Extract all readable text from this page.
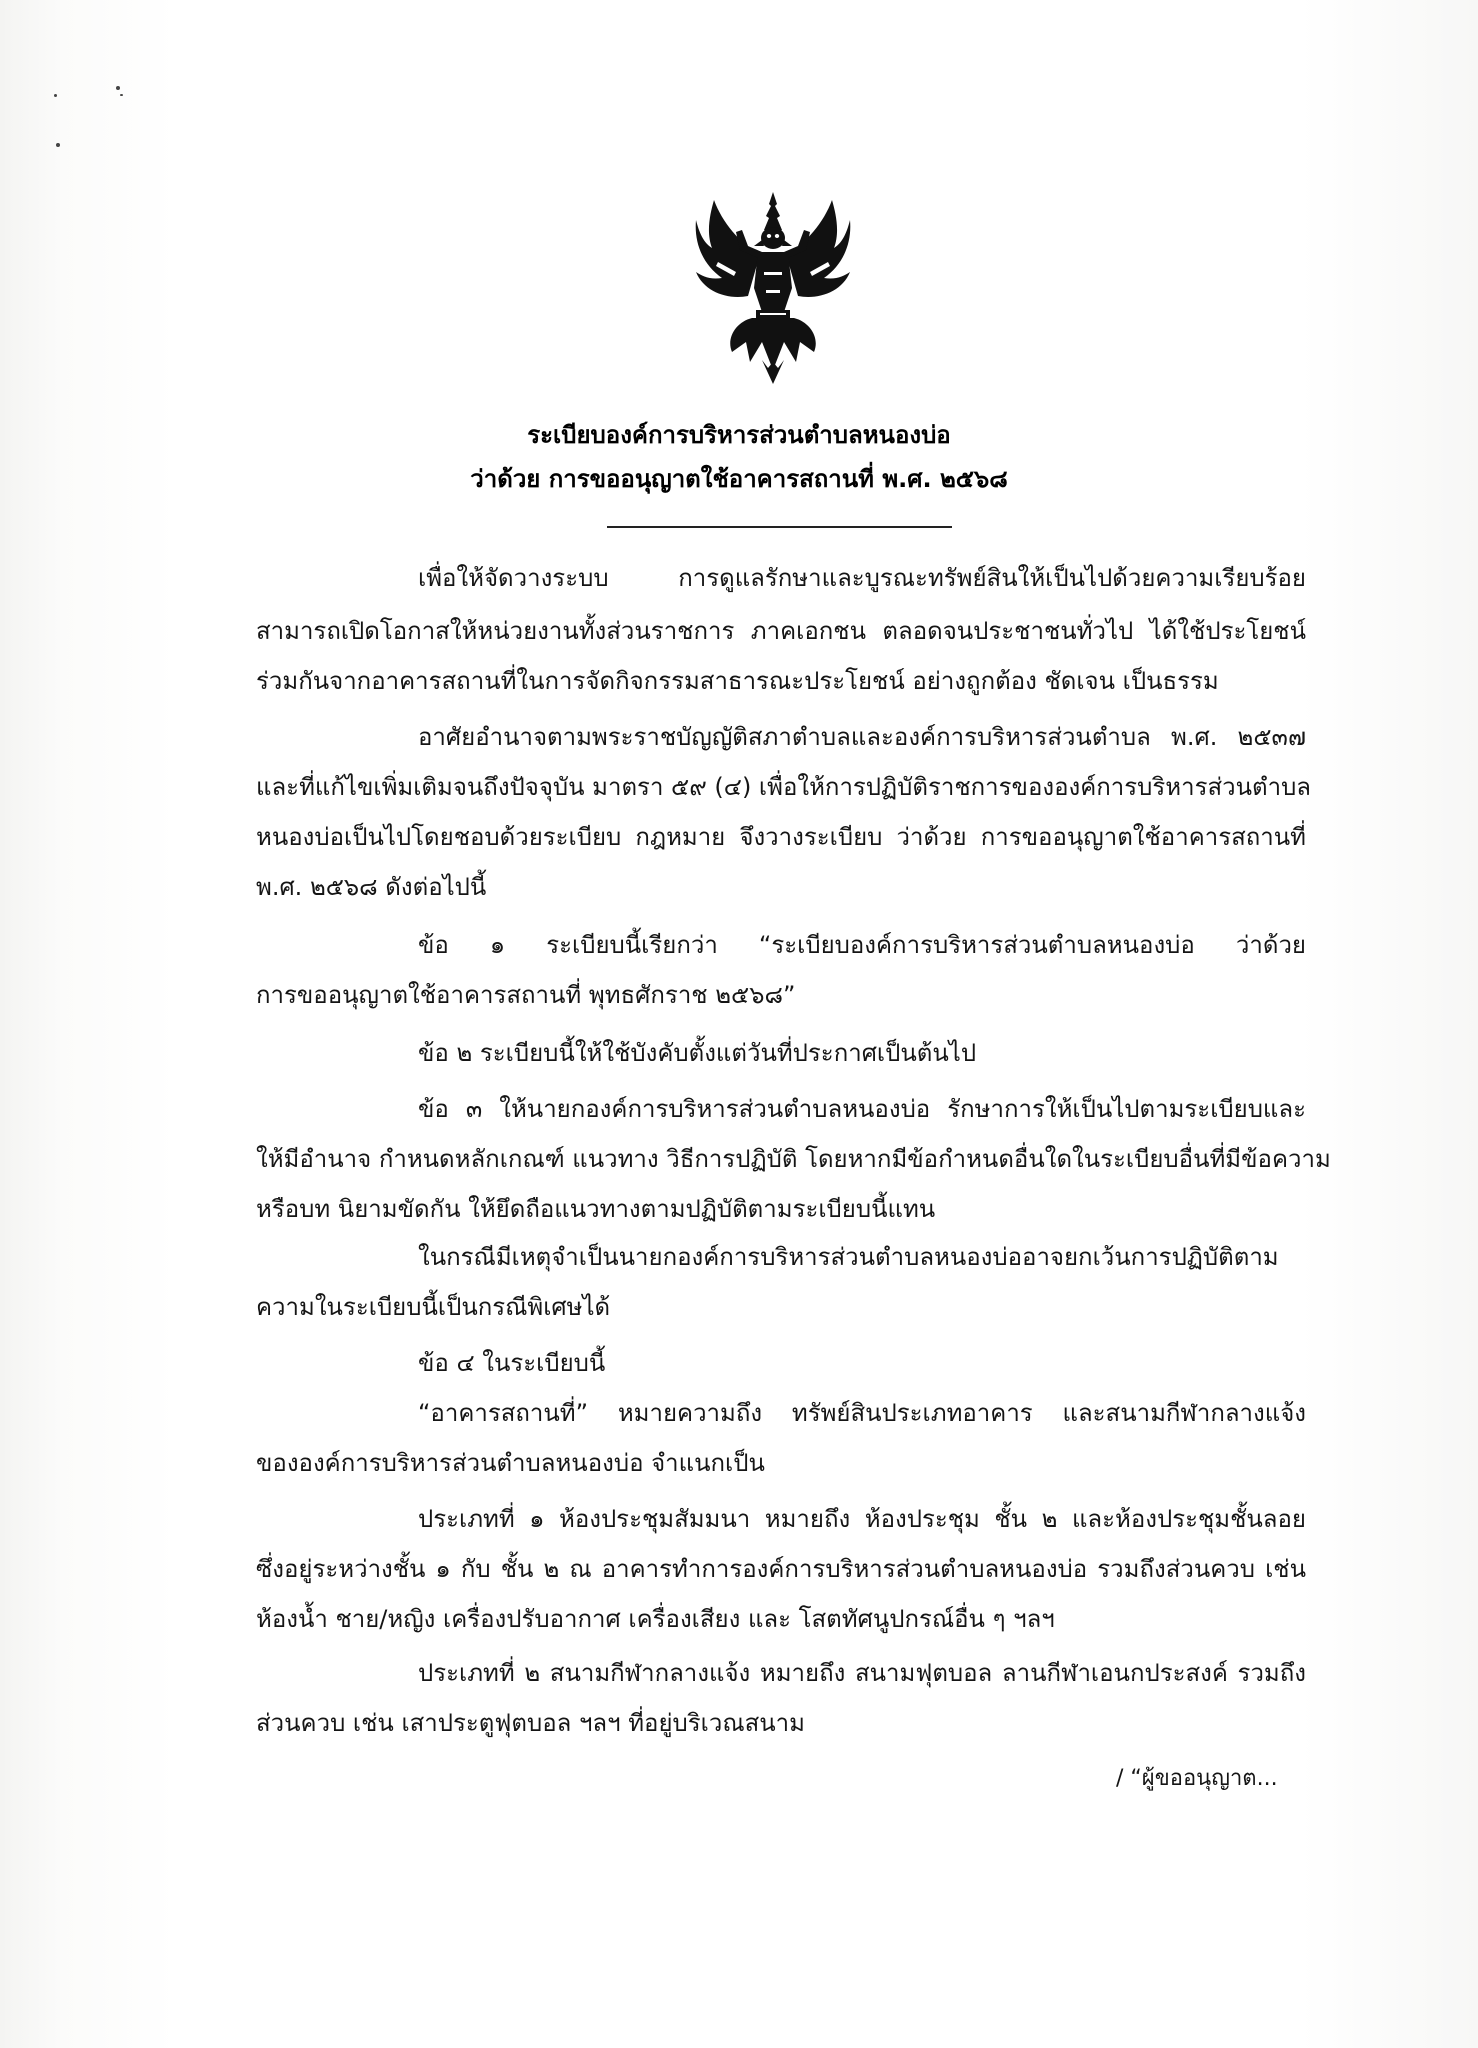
ระเบียบองค์การบริหารส่วนตำบลหนองบ่อ
ว่าด้วย การขออนุญาตใช้อาคารสถานที่ พ.ศ. ๒๕๖๘
เพื่อให้จัดวางระบบ การดูแลรักษาและบูรณะทรัพย์สินให้เป็นไปด้วยความเรียบร้อย
สามารถเปิดโอกาสให้หน่วยงานทั้งส่วนราชการ ภาคเอกชน ตลอดจนประชาชนทั่วไป ได้ใช้ประโยชน์
ร่วมกันจากอาคารสถานที่ในการจัดกิจกรรมสาธารณะประโยชน์ อย่างถูกต้อง ชัดเจน เป็นธรรม
อาศัยอำนาจตามพระราชบัญญัติสภาตำบลและองค์การบริหารส่วนตำบล พ.ศ. ๒๕๓๗
และที่แก้ไขเพิ่มเติมจนถึงปัจจุบัน มาตรา ๕๙ (๔) เพื่อให้การปฏิบัติราชการขององค์การบริหารส่วนตำบล
หนองบ่อเป็นไปโดยชอบด้วยระเบียบ กฎหมาย จึงวางระเบียบ ว่าด้วย การขออนุญาตใช้อาคารสถานที่
พ.ศ. ๒๕๖๘ ดังต่อไปนี้
ข้อ ๑ ระเบียบนี้เรียกว่า “ระเบียบองค์การบริหารส่วนตำบลหนองบ่อ ว่าด้วย
การขออนุญาตใช้อาคารสถานที่ พุทธศักราช ๒๕๖๘”
ข้อ ๒ ระเบียบนี้ให้ใช้บังคับตั้งแต่วันที่ประกาศเป็นต้นไป
ข้อ ๓ ให้นายกองค์การบริหารส่วนตำบลหนองบ่อ รักษาการให้เป็นไปตามระเบียบและ
ให้มีอำนาจ กำหนดหลักเกณฑ์ แนวทาง วิธีการปฏิบัติ โดยหากมีข้อกำหนดอื่นใดในระเบียบอื่นที่มีข้อความ
หรือบท นิยามขัดกัน ให้ยึดถือแนวทางตามปฏิบัติตามระเบียบนี้แทน
ในกรณีมีเหตุจำเป็นนายกองค์การบริหารส่วนตำบลหนองบ่ออาจยกเว้นการปฏิบัติตาม
ความในระเบียบนี้เป็นกรณีพิเศษได้
ข้อ ๔ ในระเบียบนี้
“อาคารสถานที่” หมายความถึง ทรัพย์สินประเภทอาคาร และสนามกีฬากลางแจ้ง
ขององค์การบริหารส่วนตำบลหนองบ่อ จำแนกเป็น
ประเภทที่ ๑ ห้องประชุมสัมมนา หมายถึง ห้องประชุม ชั้น ๒ และห้องประชุมชั้นลอย
ซึ่งอยู่ระหว่างชั้น ๑ กับ ชั้น ๒ ณ อาคารทำการองค์การบริหารส่วนตำบลหนองบ่อ รวมถึงส่วนควบ เช่น
ห้องน้ำ ชาย/หญิง เครื่องปรับอากาศ เครื่องเสียง และ โสตทัศนูปกรณ์อื่น ๆ ฯลฯ
ประเภทที่ ๒ สนามกีฬากลางแจ้ง หมายถึง สนามฟุตบอล ลานกีฬาเอนกประสงค์ รวมถึง
ส่วนควบ เช่น เสาประตูฟุตบอล ฯลฯ ที่อยู่บริเวณสนาม
/ “ผู้ขออนุญาต...
